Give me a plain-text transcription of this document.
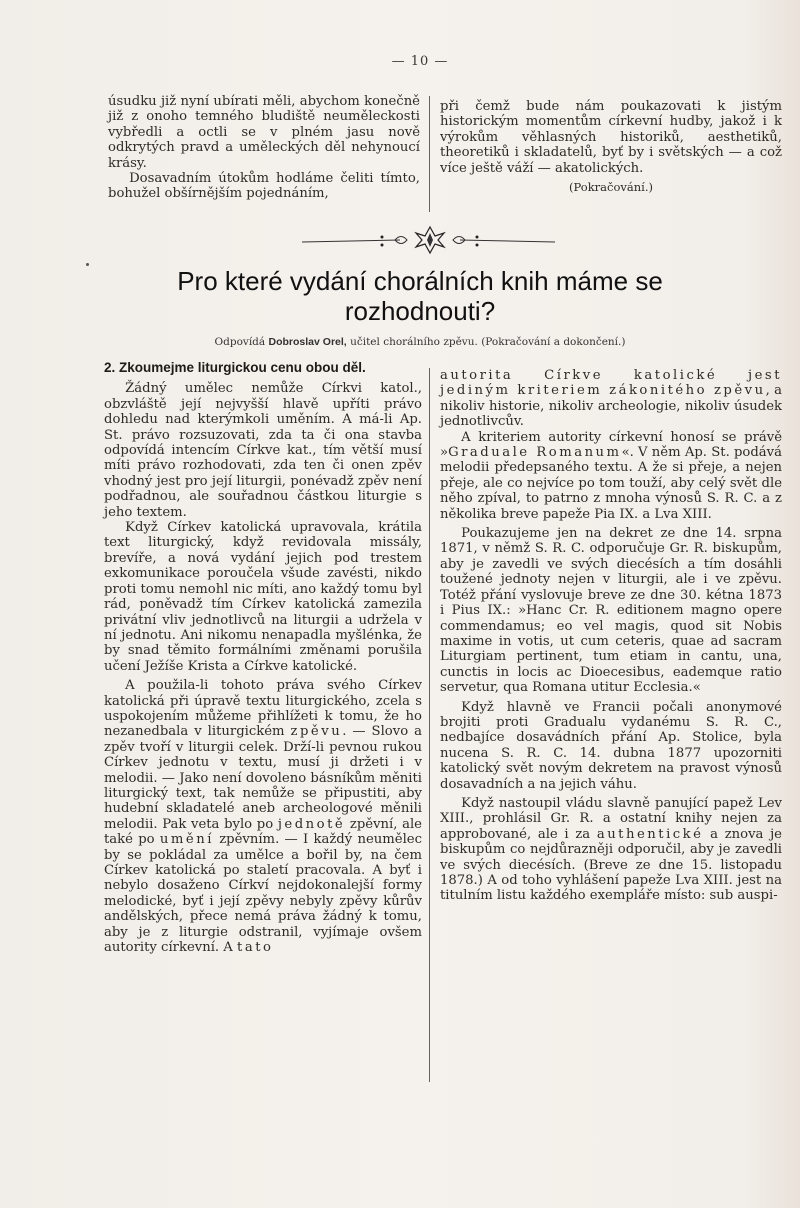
— 10 —

úsudku již nyní ubírati měli, abychom konečně již z onoho temného bludiště neuměleckosti vybředli a octli se v plném jasu nově odkrytých pravd a uměleckých děl nehynoucí krásy.

Dosavadním útokům hodláme čeliti tímto, bohužel obšírnějším pojednáním,

při čemž bude nám poukazovati k jistým historickým momentům církevní hudby, jakož i k výrokům věhlasných historiků, aesthetiků, theoretiků i skladatelů, byť by i světských — a což více ještě váží — akatolických.

(Pokračování.)

Pro které vydání chorálních knih máme se rozhodnouti?
Odpovídá Dobroslav Orel, učitel chorálního zpěvu. (Pokračování a dokončení.)

2. Zkoumejme liturgickou cenu obou děl.

Žádný umělec nemůže Církvi katol., obzvláště její nejvyšší hlavě upříti právo dohledu nad kterýmkoli uměním. A má-li Ap. St. právo rozsuzovati, zda ta či ona stavba odpovídá intencím Církve kat., tím větší musí míti právo rozhodovati, zda ten či onen zpěv vhodný jest pro její liturgii, ponévadž zpěv není podřadnou, ale souřadnou částkou liturgie s jeho textem.

Když Církev katolická upravovala, krátila text liturgický, když revidovala missály, brevíře, a nová vydání jejich pod trestem exkomunikace poroučela všude zavésti, nikdo proti tomu nemohl nic míti, ano každý tomu byl rád, poněvadž tím Církev katolická zamezila privátní vliv jednotlivců na liturgii a udržela v ní jednotu. Ani nikomu nenapadla myšlénka, že by snad těmito formálními změnami porušila učení Ježíše Krista a Církve katolické.

A použila-li tohoto práva svého Církev katolická při úpravě textu liturgického, zcela s uspokojením můžeme přihlížeti k tomu, že ho nezanedbala v liturgickém zpěvu. — Slovo a zpěv tvoří v liturgii celek. Drží-li pevnou rukou Církev jednotu v textu, musí ji držeti i v melodii. — Jako není dovoleno básníkům měniti liturgický text, tak nemůže se připustiti, aby hudební skladatelé aneb archeologové měnili melodii. Pak veta bylo po jednotě zpěvní, ale také po umění zpěvním. — I každý neumělec by se pokládal za umělce a bořil by, na čem Církev katolická po staletí pracovala. A byť i nebylo dosaženo Církví nejdokonalejší formy melodické, byť i její zpěvy nebyly zpěvy kůrův andělských, přece nemá práva žádný k tomu, aby je z liturgie odstranil, vyjímaje ovšem autority církevní. A tato

autorita Církve katolické jest jediným kriteriem zákonitého zpěvu, a nikoliv historie, nikoliv archeologie, nikoliv úsudek jednotlivcův.

A kriteriem autority církevní honosí se právě »Graduale Romanum«. V něm Ap. St. podává melodii předepsaného textu. A že si přeje, a nejen přeje, ale co nejvíce po tom touží, aby celý svět dle něho zpíval, to patrno z mnoha výnosů S. R. C. a z několika breve papeže Pia IX. a Lva XIII.

Poukazujeme jen na dekret ze dne 14. srpna 1871, v němž S. R. C. odporučuje Gr. R. biskupům, aby je zavedli ve svých diecésích a tím dosáhli toužené jednoty nejen v liturgii, ale i ve zpěvu. Totéž přání vyslovuje breve ze dne 30. kétna 1873 i Pius IX.: »Hanc Cr. R. editionem magno opere commendamus; eo vel magis, quod sit Nobis maxime in votis, ut cum ceteris, quae ad sacram Liturgiam pertinent, tum etiam in cantu, una, cunctis in locis ac Dioecesibus, eademque ratio servetur, qua Romana utitur Ecclesia.«

Když hlavně ve Francii počali anonymové brojiti proti Gradualu vydanému S. R. C., nedbajíce dosavádních přání Ap. Stolice, byla nucena S. R. C. 14. dubna 1877 upozorniti katolický svět novým dekretem na pravost výnosů dosavadních a na jejich váhu.

Když nastoupil vládu slavně panující papež Lev XIII., prohlásil Gr. R. a ostatní knihy nejen za approbované, ale i za authentické a znova je biskupům co nejdůrazněji odporučil, aby je zavedli ve svých diecésích. (Breve ze dne 15. listopadu 1878.) A od toho vyhlášení papeže Lva XIII. jest na titulním listu každého exempláře místo: sub auspi-
